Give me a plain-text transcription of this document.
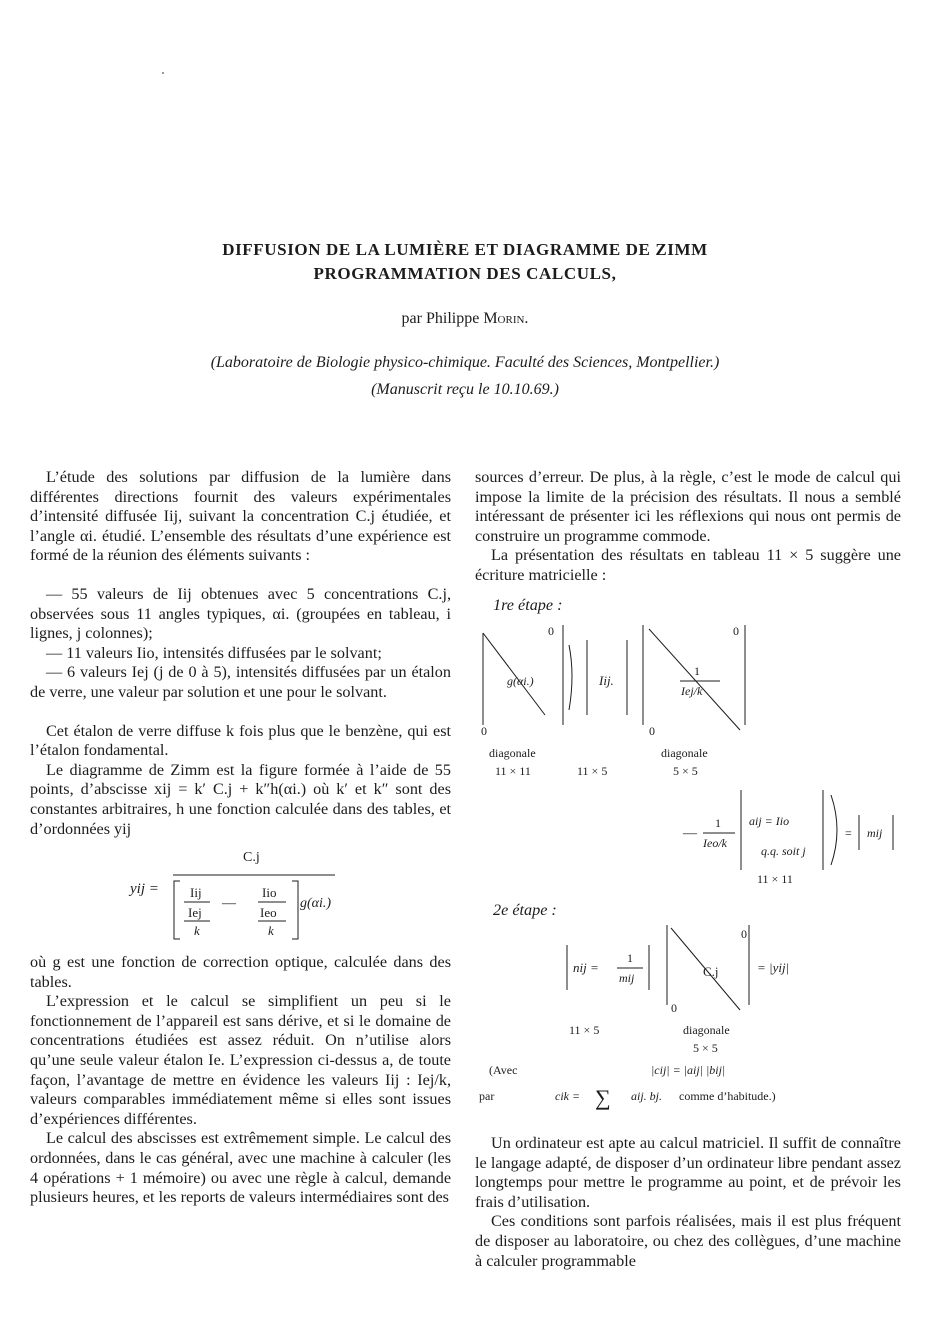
DIFFUSION DE LA LUMIÈRE ET DIAGRAMME DE ZIMM
PROGRAMMATION DES CALCULS,
par Philippe Morin.
(Laboratoire de Biologie physico-chimique. Faculté des Sciences, Montpellier.)
(Manuscrit reçu le 10.10.69.)

L’étude des solutions par diffusion de la lumière dans différentes directions fournit des valeurs expérimentales d’intensité diffusée Iij, suivant la concentration C.j étudiée, et l’angle αi. étudié. L’ensemble des résultats d’une expérience est formé de la réunion des éléments suivants :

— 55 valeurs de Iij obtenues avec 5 concentrations C.j, observées sous 11 angles typiques, αi. (groupées en tableau, i lignes, j colonnes);

— 11 valeurs Iio, intensités diffusées par le solvant;

— 6 valeurs Iej (j de 0 à 5), intensités diffusées par un étalon de verre, une valeur par solution et une pour le solvant.

Cet étalon de verre diffuse k fois plus que le benzène, qui est l’étalon fondamental.

Le diagramme de Zimm est la figure formée à l’aide de 55 points, d’abscisse xij = k′ C.j + k″h(αi.) où k′ et k″ sont des constantes arbitraires, h une fonction calculée dans des tables, et d’ordonnées yij

yij =
C.j
Iij
Iej
k
—
Iio
Ieo
k
g(αi.)

où g est une fonction de correction optique, calculée dans des tables.

L’expression et le calcul se simplifient un peu si le fonctionnement de l’appareil est sans dérive, et si le domaine de concentrations étudiées est assez réduit. On n’utilise alors qu’une seule valeur étalon Ie. L’expression ci-dessus a, de toute façon, l’avantage de mettre en évidence les valeurs Iij : Iej/k, valeurs comparables immédiatement même si elles sont issues d’expériences différentes.

Le calcul des abscisses est extrêmement simple. Le calcul des ordonnées, dans le cas général, avec une machine à calculer (les 4 opérations + 1 mémoire) ou avec une règle à calcul, demande plusieurs heures, et les reports de valeurs intermédiaires sont des

sources d’erreur. De plus, à la règle, c’est le mode de calcul qui impose la limite de la précision des résultats. Il nous a semblé intéressant de présenter ici les réflexions qui nous ont permis de construire un programme commode.

La présentation des résultats en tableau 11 × 5 suggère une écriture matricielle :

1re étape :
0
g(αi.)
0
Iij.
0
1
Iej/k
0
diagonale
11 × 11	11 × 5
diagonale
5 × 5
—
1
Ieo/k
aij = Iio
q.q. soit j
= mij
11 × 11
2e étape :
nij =
1
mij
0
C.j
0
= |yij|
11 × 5	diagonale
5 × 5
(Avec	|cij| = |aij| |bij|
par	cik = ∑ aij. bj. comme d’habitude.)

Un ordinateur est apte au calcul matriciel. Il suffit de connaître le langage adapté, de disposer d’un ordinateur libre pendant assez longtemps pour mettre le programme au point, et de prévoir les frais d’utilisation.

Ces conditions sont parfois réalisées, mais il est plus fréquent de disposer au laboratoire, ou chez des collègues, d’une machine à calculer programmable
